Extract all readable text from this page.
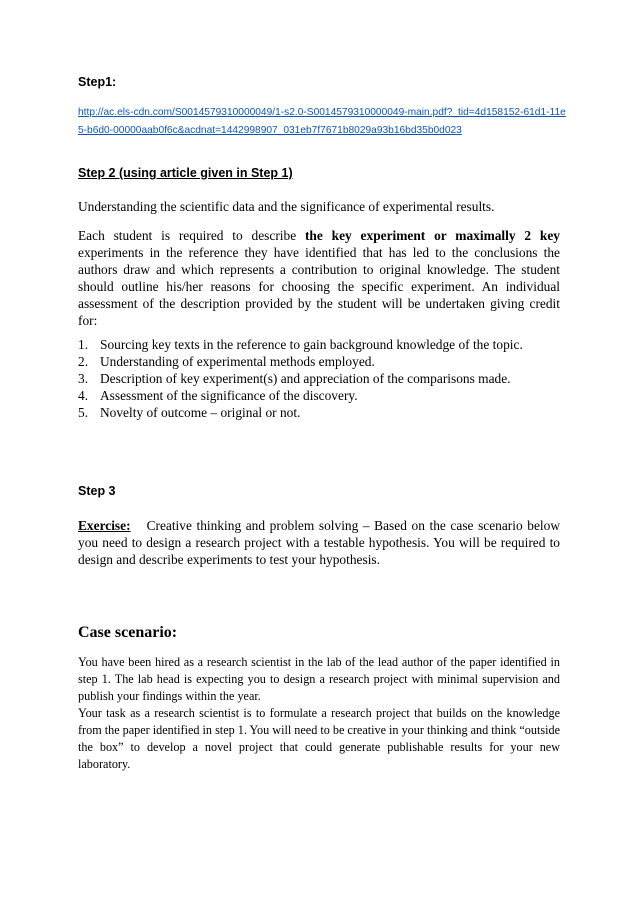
Step1:
http://ac.els-cdn.com/S0014579310000049/1-s2.0-S0014579310000049-main.pdf?_tid=4d158152-61d1-11e5-b6d0-00000aab0f6c&acdnat=1442998907_031eb7f7671b8029a93b16bd35b0d023
Step 2 (using article given in Step 1)
Understanding the scientific data and the significance of experimental results.
Each student is required to describe the key experiment or maximally 2 key experiments in the reference they have identified that has led to the conclusions the authors draw and which represents a contribution to original knowledge. The student should outline his/her reasons for choosing the specific experiment. An individual assessment of the description provided by the student will be undertaken giving credit for:
1. Sourcing key texts in the reference to gain background knowledge of the topic.
2. Understanding of experimental methods employed.
3. Description of key experiment(s) and appreciation of the comparisons made.
4. Assessment of the significance of the discovery.
5. Novelty of outcome – original or not.
Step 3
Exercise: Creative thinking and problem solving – Based on the case scenario below you need to design a research project with a testable hypothesis. You will be required to design and describe experiments to test your hypothesis.
Case scenario:
You have been hired as a research scientist in the lab of the lead author of the paper identified in step 1. The lab head is expecting you to design a research project with minimal supervision and publish your findings within the year.
Your task as a research scientist is to formulate a research project that builds on the knowledge from the paper identified in step 1. You will need to be creative in your thinking and think “outside the box” to develop a novel project that could generate publishable results for your new laboratory.
